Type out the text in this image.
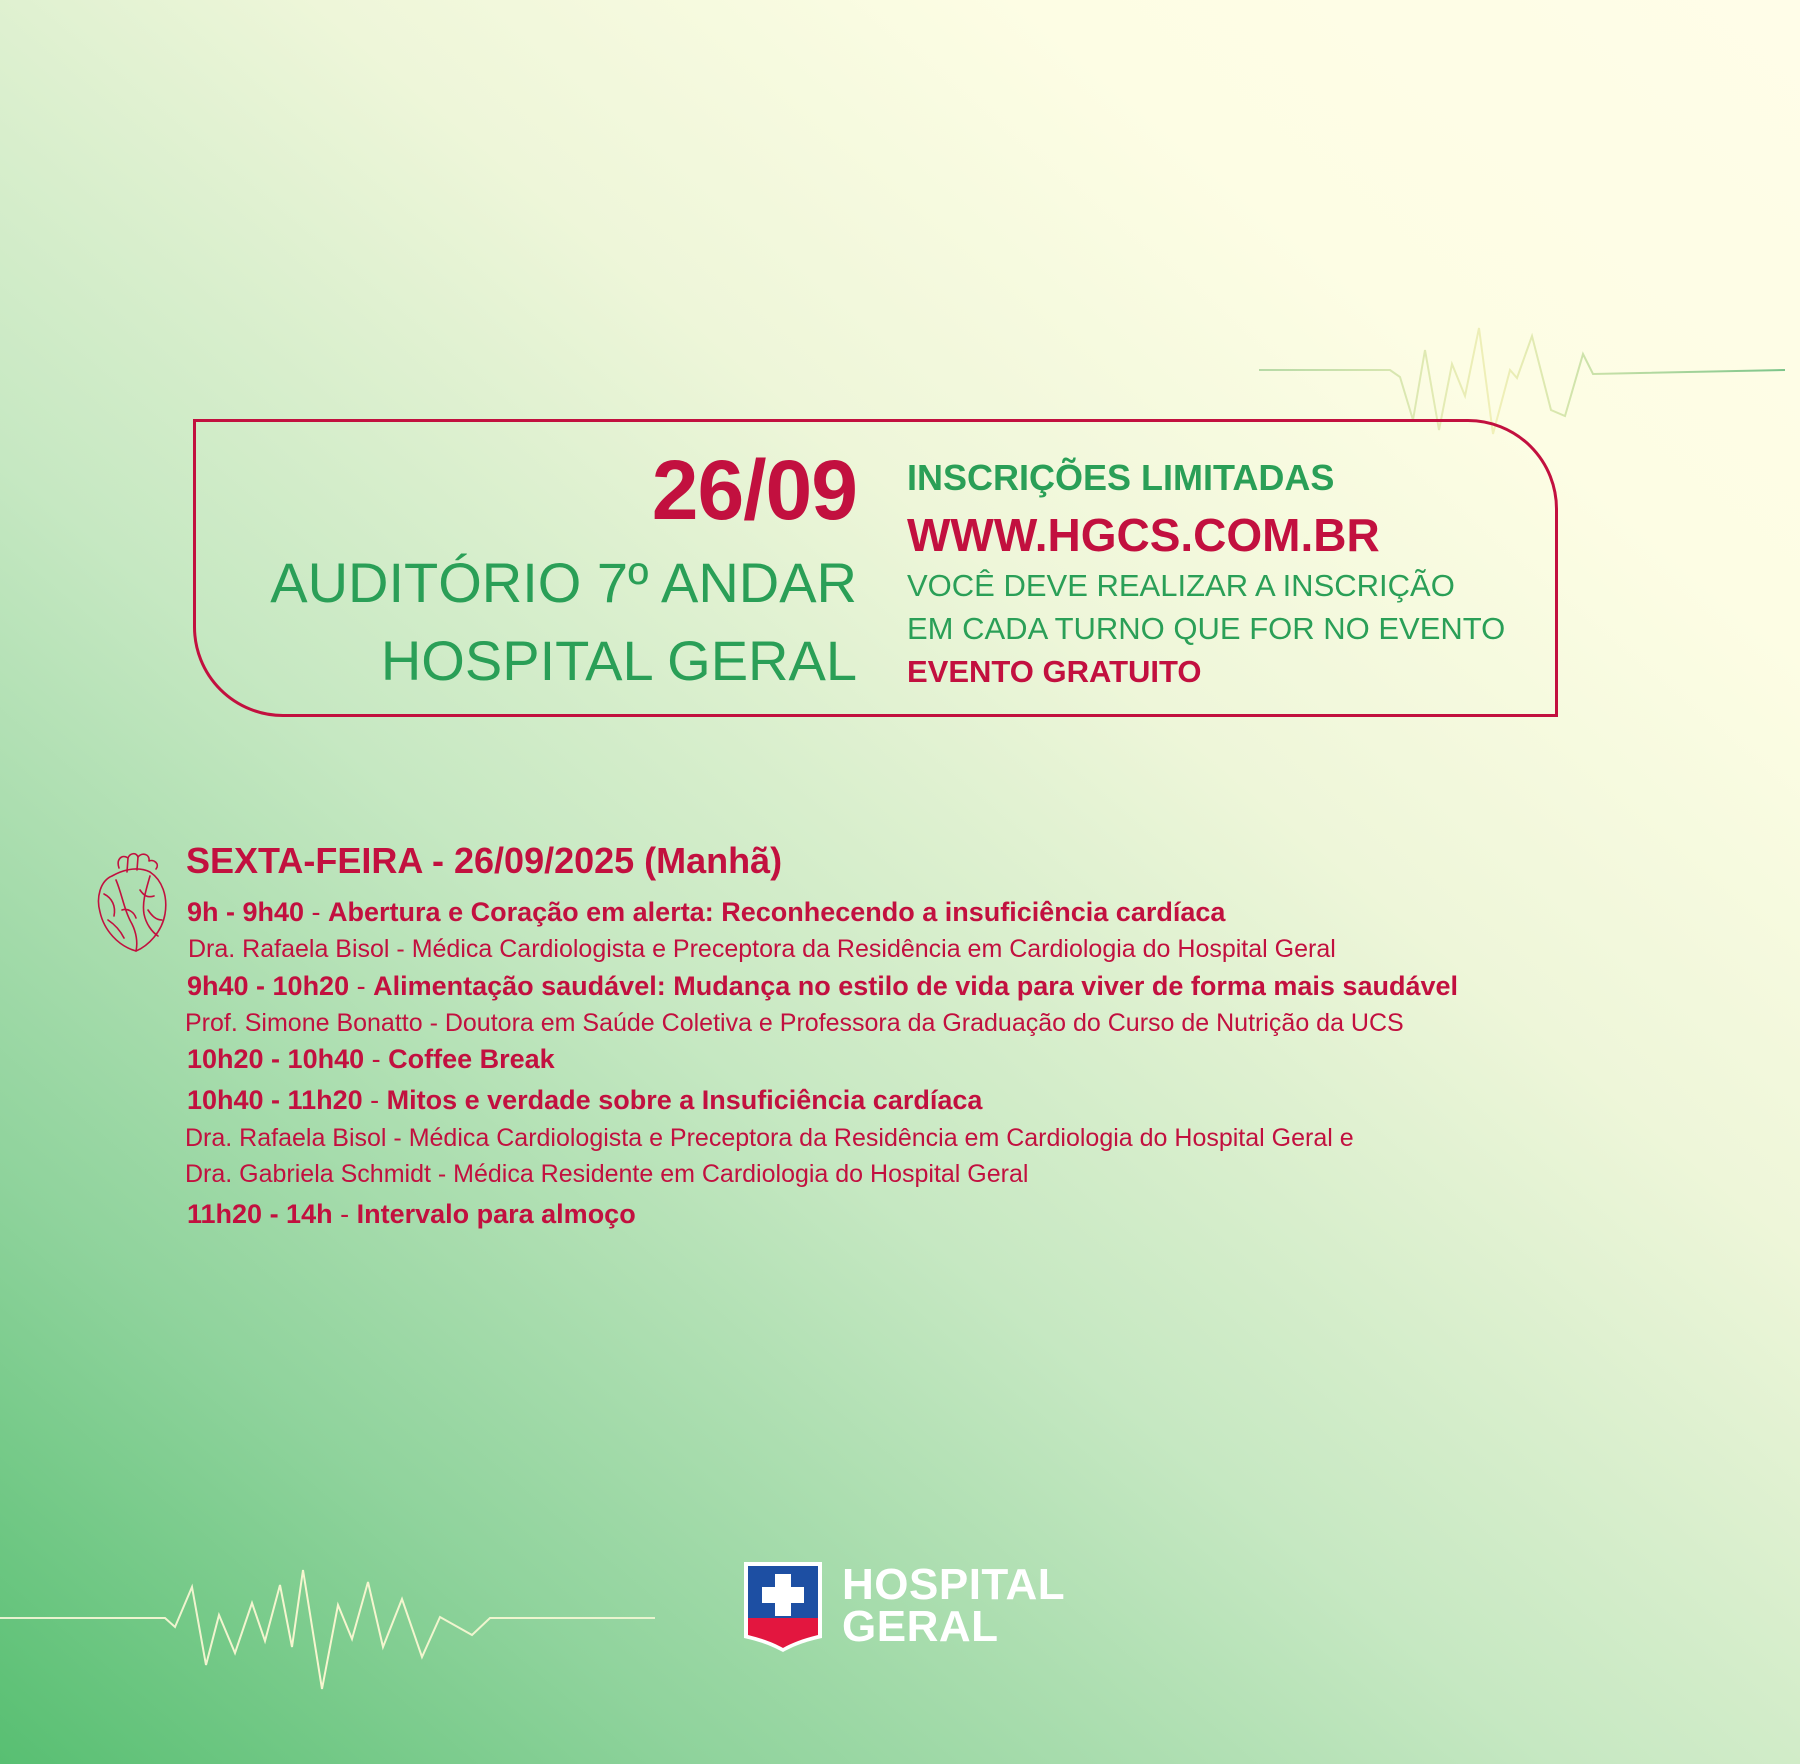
26/09
AUDITÓRIO 7º ANDAR
HOSPITAL GERAL
INSCRIÇÕES LIMITADAS
WWW.HGCS.COM.BR
VOCÊ DEVE REALIZAR A INSCRIÇÃO
EM CADA TURNO QUE FOR NO EVENTO
EVENTO GRATUITO
SEXTA-FEIRA - 26/09/2025 (Manhã)
9h - 9h40 - Abertura e Coração em alerta: Reconhecendo a insuficiência cardíaca
Dra. Rafaela Bisol - Médica Cardiologista e Preceptora da Residência em Cardiologia do Hospital Geral
9h40 - 10h20 - Alimentação saudável: Mudança no estilo de vida para viver de forma mais saudável
Prof. Simone Bonatto - Doutora em Saúde Coletiva e Professora da Graduação do Curso de Nutrição da UCS
10h20 - 10h40 - Coffee Break
10h40 - 11h20 - Mitos e verdade sobre a Insuficiência cardíaca
Dra. Rafaela Bisol - Médica Cardiologista e Preceptora da Residência em Cardiologia do Hospital Geral e
Dra. Gabriela Schmidt - Médica Residente em Cardiologia do Hospital Geral
11h20 - 14h - Intervalo para almoço
HOSPITAL
GERAL
